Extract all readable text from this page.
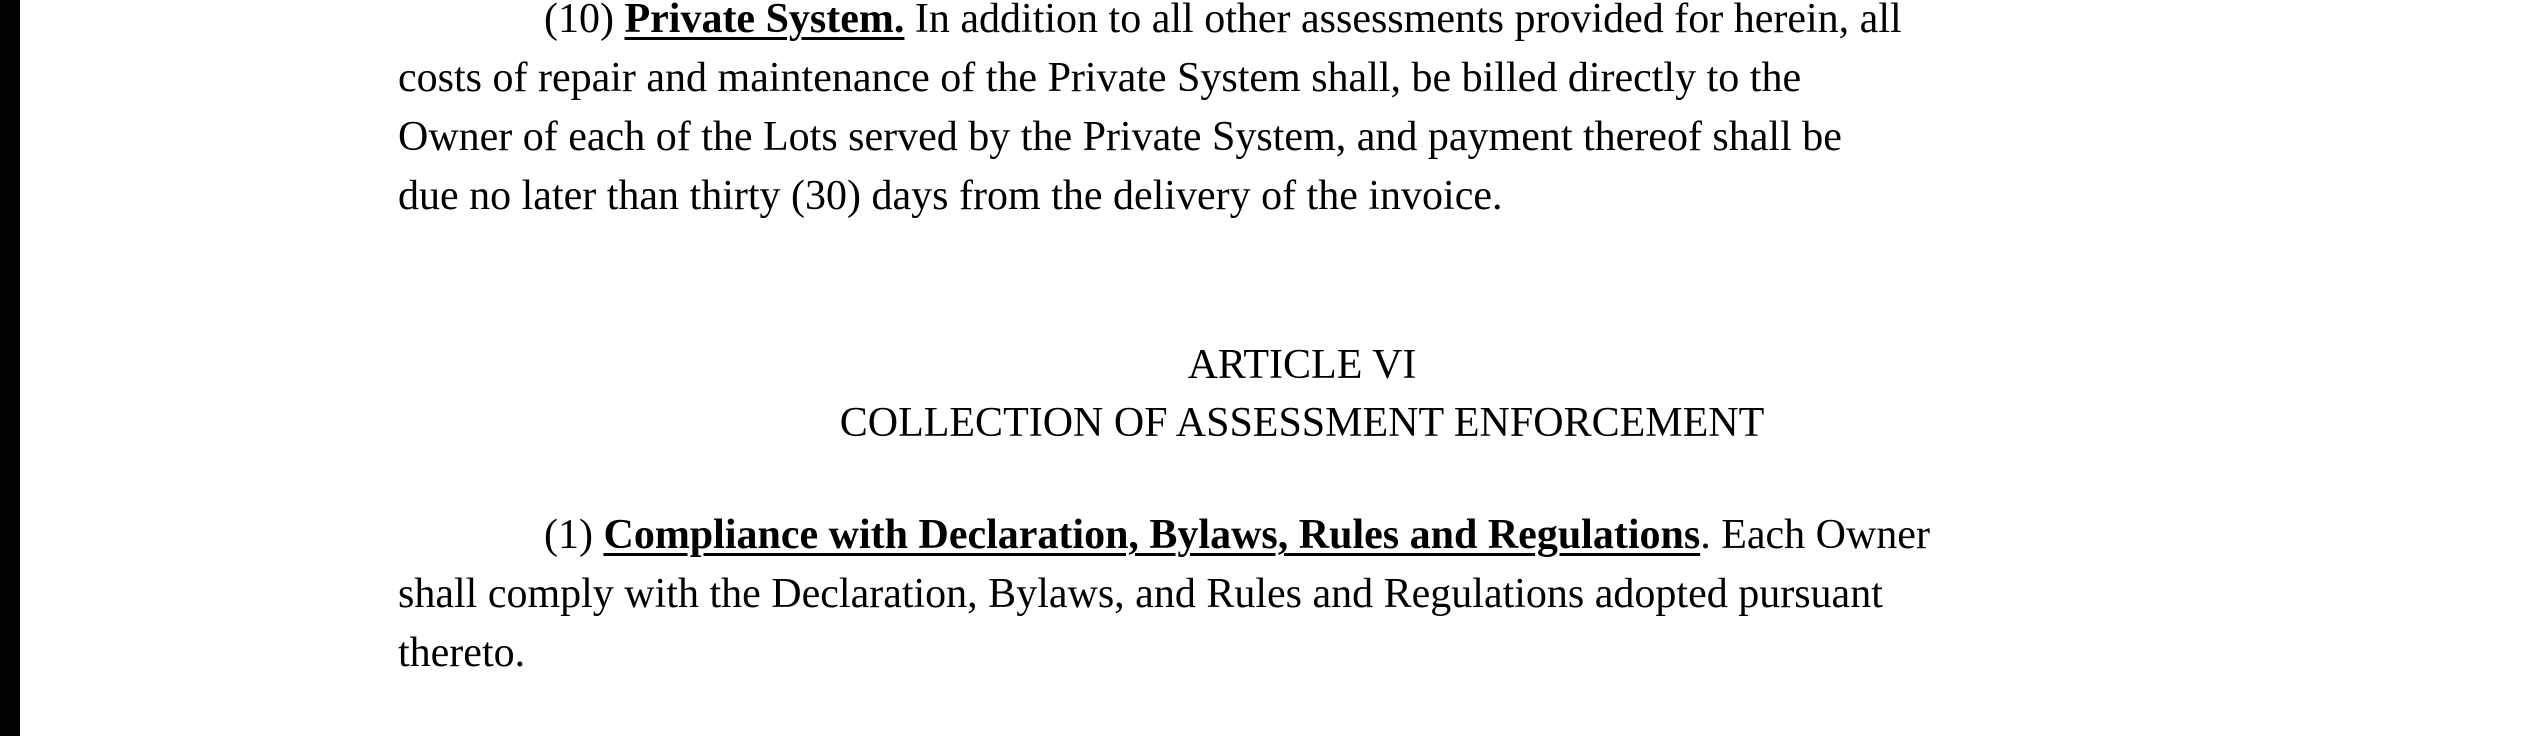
(10) Private System. In addition to all other assessments provided for herein, all
costs of repair and maintenance of the Private System shall, be billed directly to the
Owner of each of the Lots served by the Private System, and payment thereof shall be
due no later than thirty (30) days from the delivery of the invoice.

ARTICLE VI

COLLECTION OF ASSESSMENT ENFORCEMENT

(1) Compliance with Declaration, Bylaws, Rules and Regulations. Each Owner
shall comply with the Declaration, Bylaws, and Rules and Regulations adopted pursuant
thereto.
